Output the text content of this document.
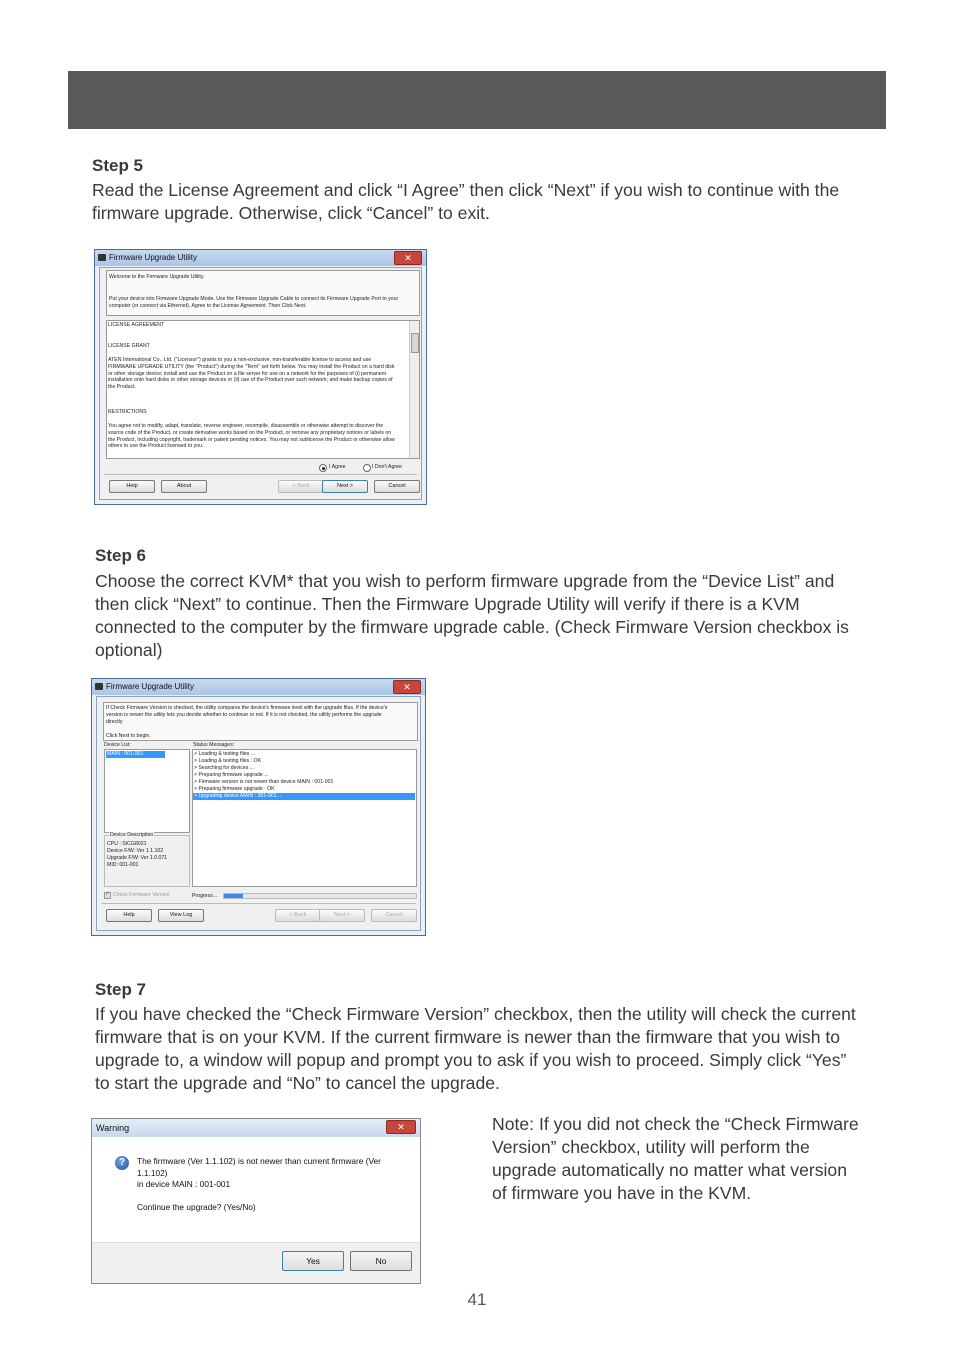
Step 5
Read the License Agreement and click “I Agree” then click “Next” if you wish to continue with the firmware upgrade. Otherwise, click “Cancel” to exit.
Firmware Upgrade Utility	✕
Welcome to the Firmware Upgrade Utility.
Put your device into Firmware Upgrade Mode. Use the Firmware Upgrade Cable to connect its Firmware Upgrade Port to your computer (or connect via Ethernet). Agree to the License Agreement. Then Click Next.
LICENSE AGREEMENT
LICENSE GRANT
ATEN International Co., Ltd. ("Licensor") grants to you a non-exclusive, non-transferable license to access and use FIRMWARE UPGRADE UTILITY (the "Product") during the "Term" set forth below. You may install the Product on a hard disk or other storage device; install and use the Product on a file server for use on a network for the purposes of (i) permanent installation onto hard disks or other storage devices or (ii) use of the Product over such network; and make backup copies of the Product.
RESTRICTIONS
You agree not to modify, adapt, translate, reverse engineer, recompile, disassemble or otherwise attempt to discover the source code of the Product, or create derivative works based on the Product, or remove any proprietary notices or labels on the Product, including copyright, trademark or patent pending notices. You may not sublicense the Product or otherwise allow others to use the Product licensed to you.
I Agree	I Don't Agree
Help	About	< Back	Next >	Cancel
Step 6
Choose the correct KVM* that you wish to perform firmware upgrade from the “Device List” and then click “Next” to continue. Then the Firmware Upgrade Utility will verify if there is a KVM connected to the computer by the firmware upgrade cable. (Check Firmware Version checkbox is optional)
Firmware Upgrade Utility	✕
If Check Firmware Version is checked, the utility compares the device's firmware level with the upgrade files. If the device's version is newer the utility lets you decide whether to continue or not. If it is not checked, the utility performs the upgrade directly.
Click Next to begin.
Device List:
MAIN : 001-001
Device Description
CPU : SICG8021
Device F/W: Ver 1.1.102
Upgrade F/W: Ver 1.0.071
MID: 001-001
Status Messages:
> Loading & testing files ...
> Loading & testing files : OK
> Searching for devices ...
> Preparing firmware upgrade ...
> Firmware version is not newer than device MAIN : 001-001
> Preparing firmware upgrade : OK
> Upgrading device MAIN : 001-001 ...
✓ Check Firmware Version	Progress...
Help	View Log	< Back	Next >	Cancel
Step 7
If you have checked the “Check Firmware Version” checkbox, then the utility will check the current firmware that is on your KVM. If the current firmware is newer than the firmware that you wish to upgrade to, a window will popup and prompt you to ask if you wish to proceed. Simply click “Yes” to start the upgrade and “No” to cancel the upgrade.
Warning	✕
?	The firmware (Ver 1.1.102) is not newer than current firmware (Ver 1.1.102)
in device MAIN : 001-001

Continue the upgrade? (Yes/No)
Yes	No
Note: If you did not check the “Check Firmware Version” checkbox, utility will perform the upgrade automatically no matter what version of firmware you have in the KVM.
41
